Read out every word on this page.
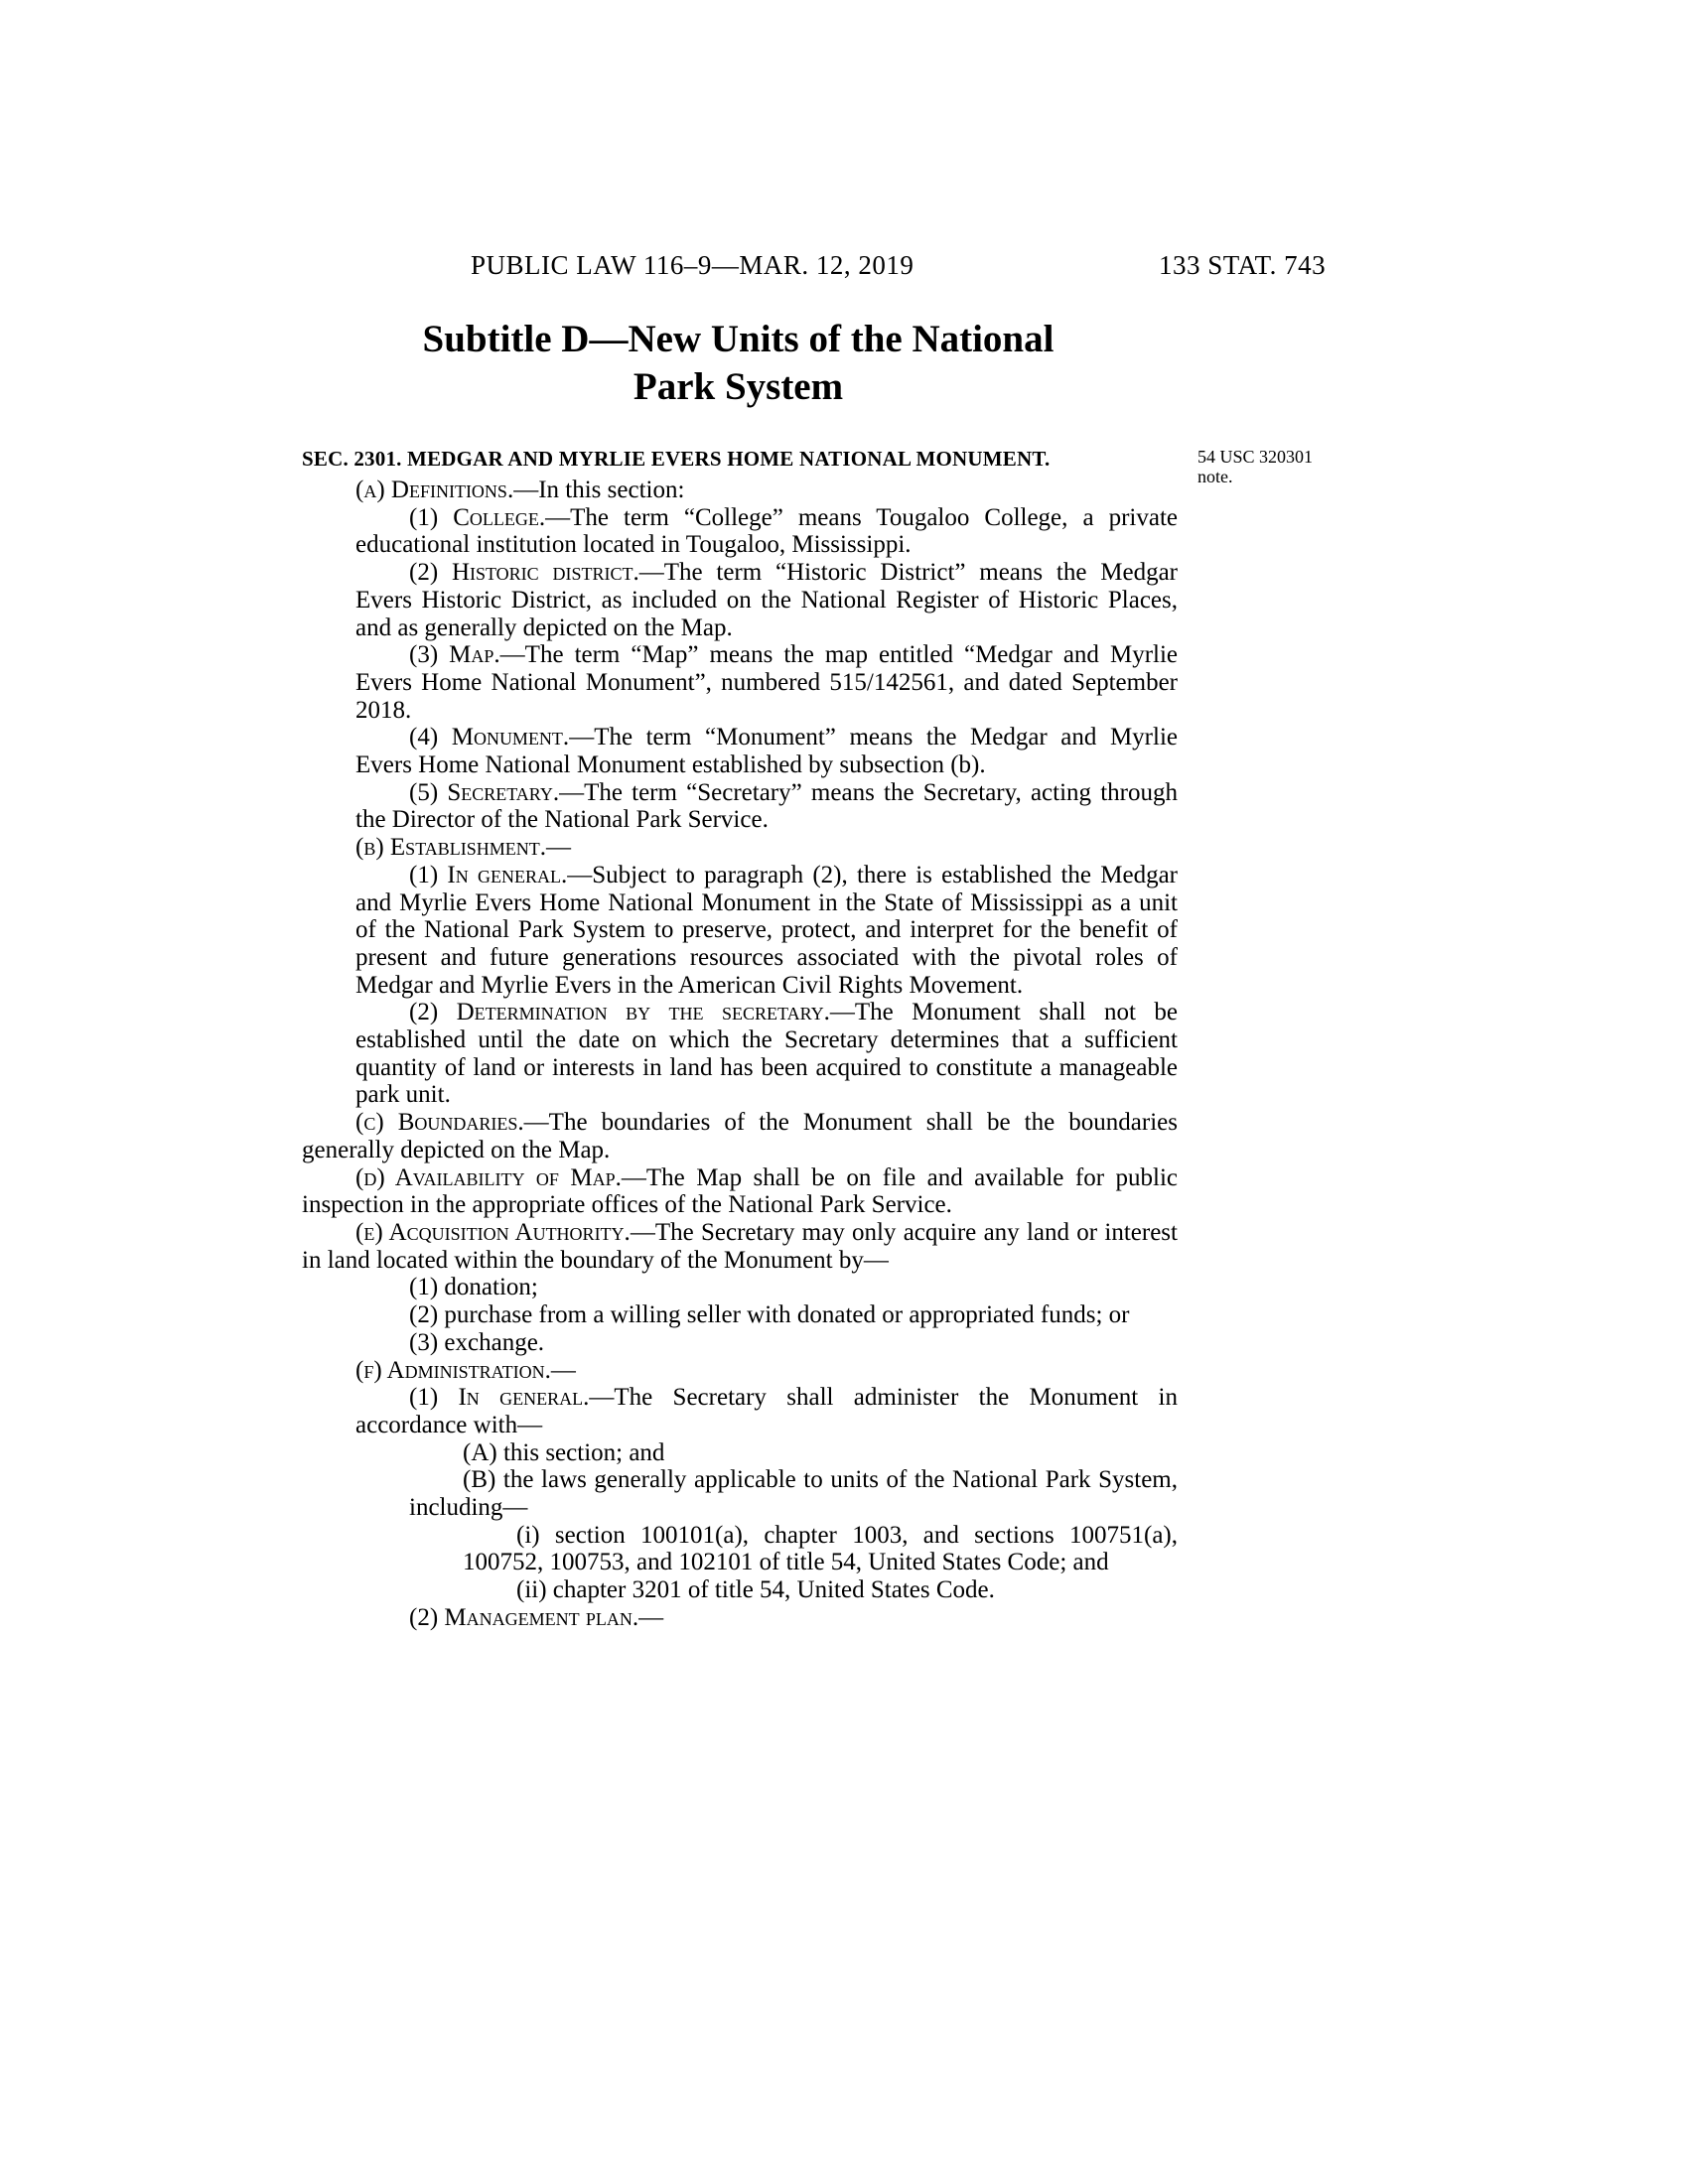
PUBLIC LAW 116–9—MAR. 12, 2019	133 STAT. 743
Subtitle D—New Units of the National
Park System
SEC. 2301. MEDGAR AND MYRLIE EVERS HOME NATIONAL MONUMENT.	54 USC 320301
note.

(a) Definitions.—In this section:

(1) College.—The term “College” means Tougaloo College, a private educational institution located in Tougaloo, Mississippi.

(2) Historic district.—The term “Historic District” means the Medgar Evers Historic District, as included on the National Register of Historic Places, and as generally depicted on the Map.

(3) Map.—The term “Map” means the map entitled “Medgar and Myrlie Evers Home National Monument”, numbered 515/142561, and dated September 2018.

(4) Monument.—The term “Monument” means the Medgar and Myrlie Evers Home National Monument established by subsection (b).

(5) Secretary.—The term “Secretary” means the Secretary, acting through the Director of the National Park Service.

(b) Establishment.—

(1) In general.—Subject to paragraph (2), there is established the Medgar and Myrlie Evers Home National Monument in the State of Mississippi as a unit of the National Park System to preserve, protect, and interpret for the benefit of present and future generations resources associated with the pivotal roles of Medgar and Myrlie Evers in the American Civil Rights Movement.

(2) Determination by the secretary.—The Monument shall not be established until the date on which the Secretary determines that a sufficient quantity of land or interests in land has been acquired to constitute a manageable park unit.

(c) Boundaries.—The boundaries of the Monument shall be the boundaries generally depicted on the Map.

(d) Availability of Map.—The Map shall be on file and available for public inspection in the appropriate offices of the National Park Service.

(e) Acquisition Authority.—The Secretary may only acquire any land or interest in land located within the boundary of the Monument by—

(1) donation;

(2) purchase from a willing seller with donated or appropriated funds; or

(3) exchange.

(f) Administration.—

(1) In general.—The Secretary shall administer the Monument in accordance with—

(A) this section; and

(B) the laws generally applicable to units of the National Park System, including—

(i) section 100101(a), chapter 1003, and sections 100751(a), 100752, 100753, and 102101 of title 54, United States Code; and

(ii) chapter 3201 of title 54, United States Code.

(2) Management plan.—
